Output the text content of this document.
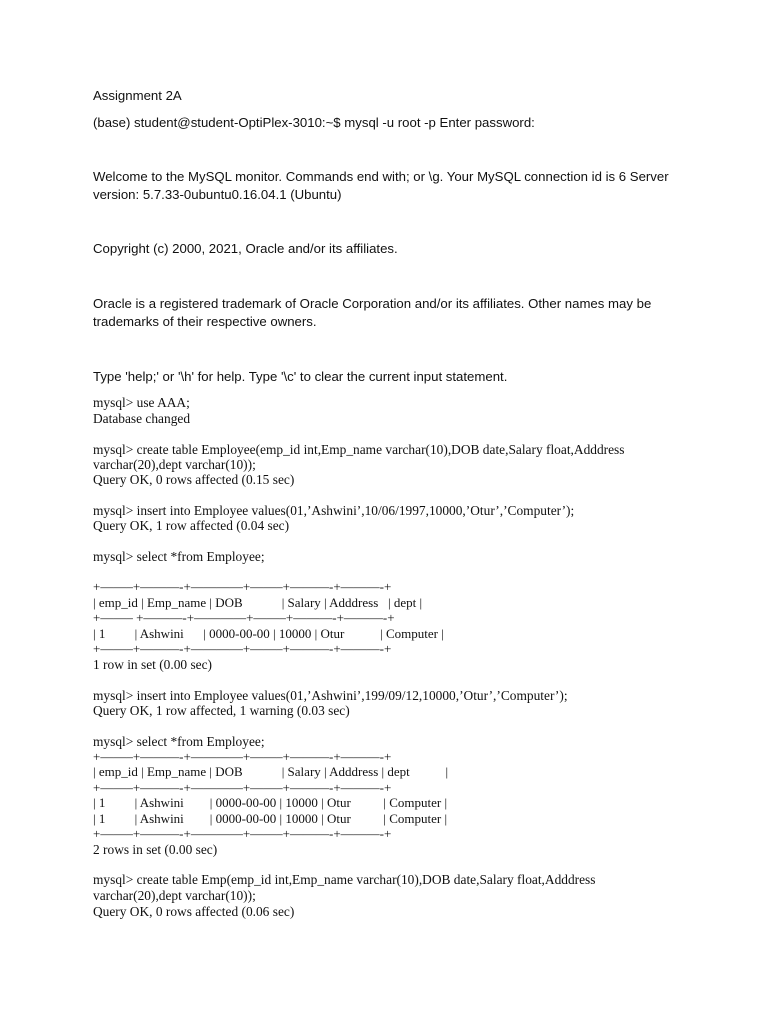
Assignment 2A
(base) student@student-OptiPlex-3010:~$ mysql -u root -p Enter password:
Welcome to the MySQL monitor. Commands end with; or \g. Your MySQL connection id is 6 Server
version: 5.7.33-0ubuntu0.16.04.1 (Ubuntu)
Copyright (c) 2000, 2021, Oracle and/or its affiliates.
Oracle is a registered trademark of Oracle Corporation and/or its affiliates. Other names may be
trademarks of their respective owners.
Type 'help;' or '\h' for help. Type '\c' to clear the current input statement.
mysql> use AAA;
Database changed
mysql> create table Employee(emp_id int,Emp_name varchar(10),DOB date,Salary float,Adddress
varchar(20),dept varchar(10));
Query OK, 0 rows affected (0.15 sec)
mysql> insert into Employee values(01,’Ashwini’,10/06/1997,10000,’Otur’,’Computer’);
Query OK, 1 row affected (0.04 sec)
mysql> select *from Employee;
+——–+———-+————+——–+———-+———-+
| emp_id | Emp_name | DOB            | Salary | Adddress   | dept |
+——– +———-+————+——–+———-+———-+
| 1         | Ashwini      | 0000-00-00 | 10000 | Otur           | Computer |
+——–+———-+————+——–+———-+———-+
1 row in set (0.00 sec)
mysql> insert into Employee values(01,’Ashwini’,199/09/12,10000,’Otur’,’Computer’);
Query OK, 1 row affected, 1 warning (0.03 sec)
mysql> select *from Employee;
+——–+———-+————+——–+———-+———-+
| emp_id | Emp_name | DOB            | Salary | Adddress | dept           |
+——–+———-+————+——–+———-+———-+
| 1         | Ashwini        | 0000-00-00 | 10000 | Otur          | Computer |
| 1         | Ashwini        | 0000-00-00 | 10000 | Otur          | Computer |
+——–+———-+————+——–+———-+———-+
2 rows in set (0.00 sec)
mysql> create table Emp(emp_id int,Emp_name varchar(10),DOB date,Salary float,Adddress
varchar(20),dept varchar(10));
Query OK, 0 rows affected (0.06 sec)
